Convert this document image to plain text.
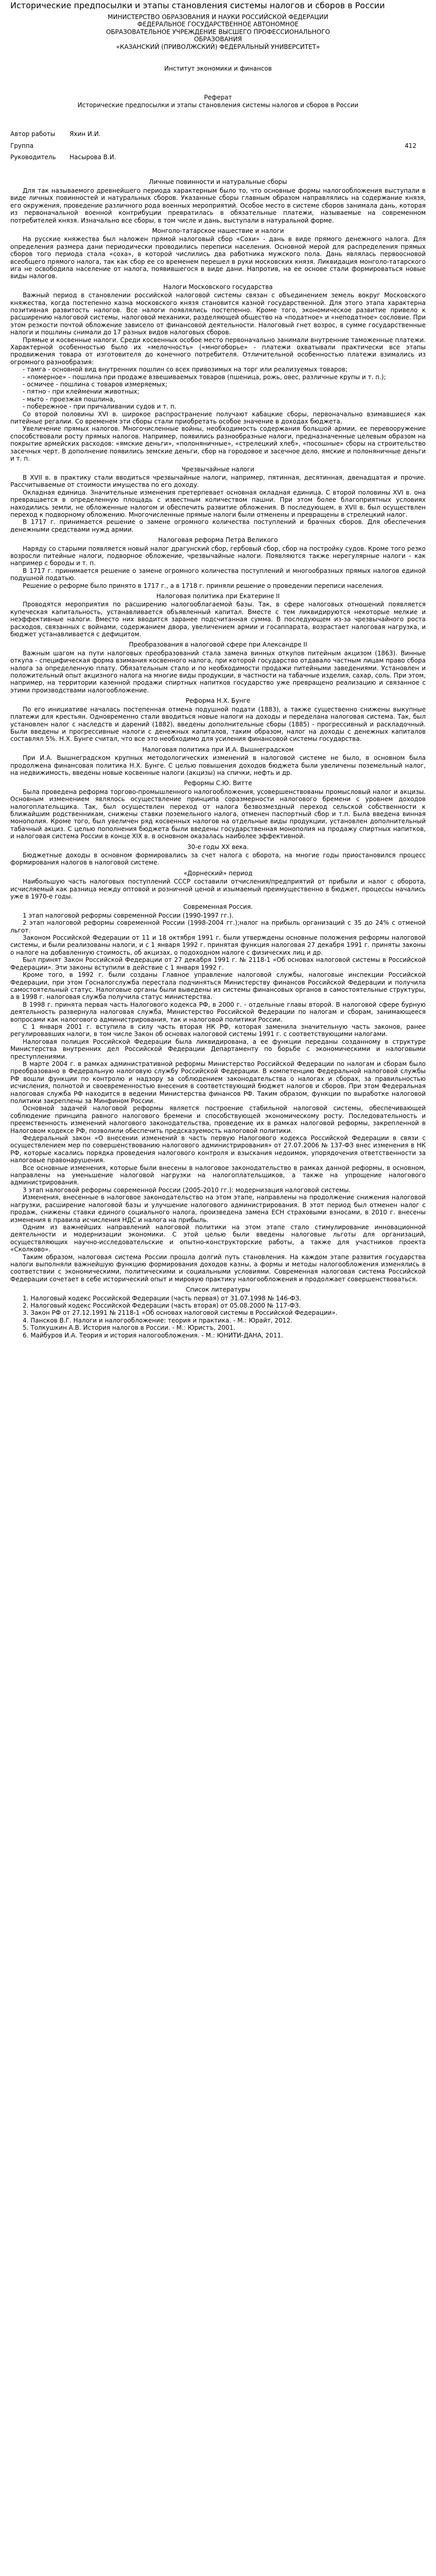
Исторические предпосылки и этапы становления системы налогов и сборов в России

МИНИСТЕРСТВО ОБРАЗОВАНИЯ И НАУКИ РОССИЙСКОЙ ФЕДЕРАЦИИ

ФЕДЕРАЛЬНОЕ ГОСУДАРСТВЕННОЕ АВТОНОМНОЕ

ОБРАЗОВАТЕЛЬНОЕ УЧРЕЖДЕНИЕ ВЫСШЕГО ПРОФЕССИОНАЛЬНОГО

ОБРАЗОВАНИЯ

«КАЗАНСКИЙ (ПРИВОЛЖСКИЙ) ФЕДЕРАЛЬНЫЙ УНИВЕРСИТЕТ»

Институт экономики и финансов

Реферат

Исторические предпосылки и этапы становления системы налогов и сборов в России

Автор работы	Яхин И.И.
Группа	412
Руководитель	Насырова В.И.

Личные повинности и натуральные сборы

Для так называемого древнейшего периода характерным было то, что основные формы налогообложения выступали в виде личных повинностей и натуральных сборов. Указанные сборы главным образом направлялись на содержание князя, его окружения, проведение различного рода военных мероприятий. Особое место в системе сборов занимала дань, которая из первоначальной военной контрибуции превратилась в обязательные платежи, называемые на современном потребителей князя. Изначально все сборы, в том числе и дань, выступали в натуральной форме.

Монголо-татарское нашествие и налоги

На русские княжества был наложен прямой налоговый сбор «Сохи» - дань в виде прямого денежного налога. Для определения размера дани периодически проводились переписи населения. Основной мерой для распределения прямых сборов того периода стала «соха», в которой числились два работника мужского пола. Дань являлась первоосновой всеобщего прямого налога, так как сбор ее со временем перешел в руки московских князя. Ликвидация монголо-татарского ига не освободила население от налога, появившегося в виде дани. Напротив, на ее основе стали формироваться новые виды налогов.

Налоги Московского государства

Важный период в становлении российской налоговой системы связан с объединением земель вокруг Московского княжества, когда постепенно казна московского князя становится казной государственной. Для этого этапа характерна позитивная развитость налогов. Все налоги появлялись постепенно. Кроме того, экономическое развитие привело к расширению налоговой системы, налоговой механики, разделяющей общество на «податное» и «неподатное» сословие. При этом резкости почтой обложение зависело от финансовой деятельности. Налоговый гнет возрос, в сумме государственные налоги и пошлины снимали до 17 разных видов налоговых сборов.

Прямые и косвенные налоги. Среди косвенных особое место первоначально занимали внутренние таможенные платежи. Характерной особенностью было их «мелочность» («многоборье» - платежи охватывали практически все этапы продвижения товара от изготовителя до конечного потребителя. Отличительной особенностью платежи взимались из огромного разнообразия:

- тамга - основной вид внутренних пошлин со всех привозимых на торг или реализуемых товаров;

- «померное» - пошлина при продаже взвешиваемых товаров (пшеница, рожь, овес, различные крупы и т. п.);

- осмичее - пошлина с товаров измеряемых;

- пятно - при клеймении животных;

- мыто - проезжая пошлина,

- побережное - при причаливании судов и т. п.

Со второй половины XVI в. широкое распространение получают кабацкие сборы, первоначально взимавшиеся как питейные регалии. Со временем эти сборы стали приобретать особое значение в доходах бюджета.

Увеличение прямых налогов. Многочисленные войны, необходимость содержания большой армии, ее перевооружение способствовали росту прямых налогов. Например, появились разнообразные налоги, предназначенные целевым образом на покрытие армейских расходов: «ямские деньги», «полоняничные», «стрелецкий хлеб», «посошные» сборы на строительство засечных черт. В дополнение появились земские деньги, сбор на городовое и засечное дело, ямские и полоняничные деньги и т. п.

Чрезвычайные налоги

В XVII в. в практику стали вводиться чрезвычайные налоги, например, пятинная, десятинная, двенадцатая и прочие. Рассчитываемые от стоимости имущества по его доходу.

Окладная единица. Значительные изменения претерпевает основная окладная единица. С второй половины XVI в. она превращается в определенную площадь с известным количеством пашни. При этом более благоприятных условиях находились земли, не обложенные налогом и обеспечить развитие обложения. В последующем, в XVII в. был осуществлен переход к подворному обложению. Многочисленные прямые налоги были отменены и превращены в стрелецкий налог.

В 1717 г. принимается решение о замене огромного количества поступлений и брачных сборов. Для обеспечения денежными средствами нужд армии.

Налоговая реформа Петра Великого

Наряду со старыми появляется новый налог драгунский сбор, гербовый сбор, сбор на постройку судов. Кроме того резко возросли питейные налоги, подворное обложение, чрезвычайные налоги. Появляются также нерегулярные налоги - как например с бороды и т. п.

В 1717 г. принимается решение о замене огромного количества поступлений и многообразных прямых налогов единой подушной податью.

Решение о реформе было принято в 1717 г., а в 1718 г. приняли решение о проведении переписи населения.

Налоговая политика при Екатерине II

Проводятся мероприятия по расширению налогооблагаемой базы. Так, в сфере налоговых отношений появляется купеческая капитальность, устанавливается объявленный капитал. Вместе с тем ликвидируются некоторые мелкие и неэффективные налоги. Вместо них вводится заранее подсчитанная сумма. В последующем из-за чрезвычайного роста расходов, связанных с войнами, содержанием двора, увеличением армии и госаппарата, возрастает налоговая нагрузка, и бюджет устанавливается с дефицитом.

Преобразования в налоговой сфере при Александре II

Важным шагом на пути налоговых преобразований стала замена винных откупов питейным акцизом (1863). Винные откупа - специфическая форма взимания косвенного налога, при которой государство отдавало частным лицам право сбора налога за определенную плату. Обязательным стало и по необходимости продажи питейными заведениями. Установлен и положительный опыт акцизного налога на многие виды продукции, в частности на табачные изделия, сахар, соль. При этом, например, на территории казенной продажи спиртных напитков государство уже превращено реализацию и связанное с этими производствами налогообложение.

Реформа Н.Х. Бунге

По его инициативе началась постепенная отмена подушной подати (1883), а также существенно снижены выкупные платежи для крестьян. Одновременно стали вводиться новые налоги на доходы и переделана налоговая система. Так, был установлен налог с наследств и дарений (1882), введены дополнительные сборы (1885) - прогрессивный и раскладочный. Были введены и прогрессивные налоги с денежных капиталов, таким образом, налог на доходы с денежных капиталов составлял 5%. Н.Х. Бунге считал, что все это необходимо для усиления финансовой системы государства.

Налоговая политика при И.А. Вышнеградском

При И.А. Вышнеградском крупных методологических изменений в налоговой системе не было, в основном была продолжена финансовая политика Н.Х. Бунге. С целью повышения доходов бюджета были увеличены поземельный налог, на недвижимость, введены новые косвенные налоги (акцизы) на спички, нефть и др.

Реформы С.Ю. Витте

Была проведена реформа торгово-промышленного налогообложения, усовершенствованы промысловый налог и акцизы. Основным изменением являлось осуществление принципа соразмерности налогового бремени с уровнем доходов налогоплательщика. Так, был осуществлен переход от налога безвозмездный переход сельской собственности к ближайшим родственникам, снижены ставки поземельного налога, отменен паспортный сбор и т.п. Была введена винная монополия. Кроме того, был увеличен ряд косвенных налогов на отдельные виды продукции, установлен дополнительный табачный акциз. С целью пополнения бюджета были введены государственная монополия на продажу спиртных напитков, и налоговая система России в конце XIX в. в основном оказалась наиболее эффективной.

30-е годы XX века.

Бюджетные доходы в основном формировались за счет налога с оборота, на многие годы приостановился процесс формирования налогов в налоговой системе.

«Дорнеский» период

Наибольшую часть налоговых поступлений СССР составили отчисления/предприятий от прибыли и налог с оборота, исчисляемый как разница между оптовой и розничной ценой и изымаемый преимущественно в бюджет, процессы начались уже в 1970-е годы.

Современная Россия.

1 этап налоговой реформы современной России (1990-1997 гг.).

2 этап налоговой реформы современной России (1998-2004 гг.);налог на прибыль организаций с 35 до 24% с отменой льгот.

Законом Российской Федерации от 11 и 18 октября 1991 г. были утверждены основные положения реформы налоговой системы, и были реализованы налоги, и с 1 января 1992 г. принятая функция налоговая 27 декабря 1991 г. приняты законы о налоге на добавленную стоимость, об акцизах, о подоходном налоге с физических лиц и др.

Был принят Закон Российской Федерации от 27 декабря 1991 г. № 2118-1 «Об основах налоговой системы в Российской Федерации». Эти законы вступили в действие с 1 января 1992 г.

Кроме того, в 1992 г. были созданы Главное управление налоговой службы, налоговые инспекции Российской Федерации, при этом Госналогслужба перестала подчиняться Министерству финансов Российской Федерации и получила самостоятельный статус. Налоговые органы были выведены из системы финансовых органов в самостоятельные структуры, а в 1998 г. налоговая служба получила статус министерства.

В 1998 г. принята первая часть Налогового кодекса РФ, в 2000 г. - отдельные главы второй. В налоговой сфере бурную деятельность развернула налоговая служба, Министерство Российской Федерации по налогам и сборам, занимающееся вопросами как налогового администрирования, так и налоговой политики России.

С 1 января 2001 г. вступила в силу часть вторая НК РФ, которая заменила значительную часть законов, ранее регулировавших налоги, в том числе Закон об основах налоговой системы 1991 г. с соответствующими налогами.

Налоговая полиция Российской Федерации была ликвидирована, а ее функции переданы созданному в структуре Министерства внутренних дел Российской Федерации Департаменту по борьбе с экономическими и налоговыми преступлениями.

В марте 2004 г. в рамках административной реформы Министерство Российской Федерации по налогам и сборам было преобразовано в Федеральную налоговую службу Российской Федерации. В компетенцию Федеральной налоговой службы РФ вошли функции по контролю и надзору за соблюдением законодательства о налогах и сборах, за правильностью исчисления, полнотой и своевременностью внесения в соответствующий бюджет налогов и сборов. При этом Федеральная налоговая служба РФ находится в ведении Министерства финансов РФ. Таким образом, функции по выработке налоговой политики закреплены за Минфином России.

Основной задачей налоговой реформы является построение стабильной налоговой системы, обеспечивающей соблюдение принципа равного налогового бремени и способствующей экономическому росту. Последовательность и преемственность изменений налогового законодательства, проведение их в рамках налоговой реформы, закрепленной в Налоговом кодексе РФ, позволили обеспечить предсказуемость налоговой политики.

Федеральный закон «О внесении изменений в часть первую Налогового кодекса Российской Федерации в связи с осуществлением мер по совершенствованию налогового администрирования» от 27.07.2006 № 137-ФЗ внес изменения в НК РФ, которые касались порядка проведения налогового контроля и взыскания недоимок, упорядочения ответственности за налоговые правонарушения.

Все основные изменения, которые были внесены в налоговое законодательство в рамках данной реформы, в основном, направлены на уменьшение налоговой нагрузки на налогоплательщиков, а также на упрощение налогового администрирования.

3 этап налоговой реформы современной России (2005-2010 гг.): модернизация налоговой системы.

Изменения, внесенные в налоговое законодательство на этом этапе, направлены на продолжение снижения налоговой нагрузки, расширение налоговой базы и улучшение налогового администрирования. В этот период был отменен налог с продаж, снижены ставки единого социального налога, произведена замена ЕСН страховыми взносами, в 2010 г. внесены изменения в правила исчисления НДС и налога на прибыль.

Одним из важнейших направлений налоговой политики на этом этапе стало стимулирование инновационной деятельности и модернизации экономики. С этой целью были введены налоговые льготы для организаций, осуществляющих научно-исследовательские и опытно-конструкторские работы, а также для участников проекта «Сколково».

Таким образом, налоговая система России прошла долгий путь становления. На каждом этапе развития государства налоги выполняли важнейшую функцию формирования доходов казны, а формы и методы налогообложения изменялись в соответствии с экономическими, политическими и социальными условиями. Современная налоговая система Российской Федерации сочетает в себе исторический опыт и мировую практику налогообложения и продолжает совершенствоваться.

Список литературы

1. Налоговый кодекс Российской Федерации (часть первая) от 31.07.1998 № 146-ФЗ.

2. Налоговый кодекс Российской Федерации (часть вторая) от 05.08.2000 № 117-ФЗ.

3. Закон РФ от 27.12.1991 № 2118-1 «Об основах налоговой системы в Российской Федерации».

4. Пансков В.Г. Налоги и налогообложение: теория и практика. - М.: Юрайт, 2012.

5. Толкушкин А.В. История налогов в России. - М.: Юристъ, 2001.

6. Майбуров И.А. Теория и история налогообложения. - М.: ЮНИТИ-ДАНА, 2011.
